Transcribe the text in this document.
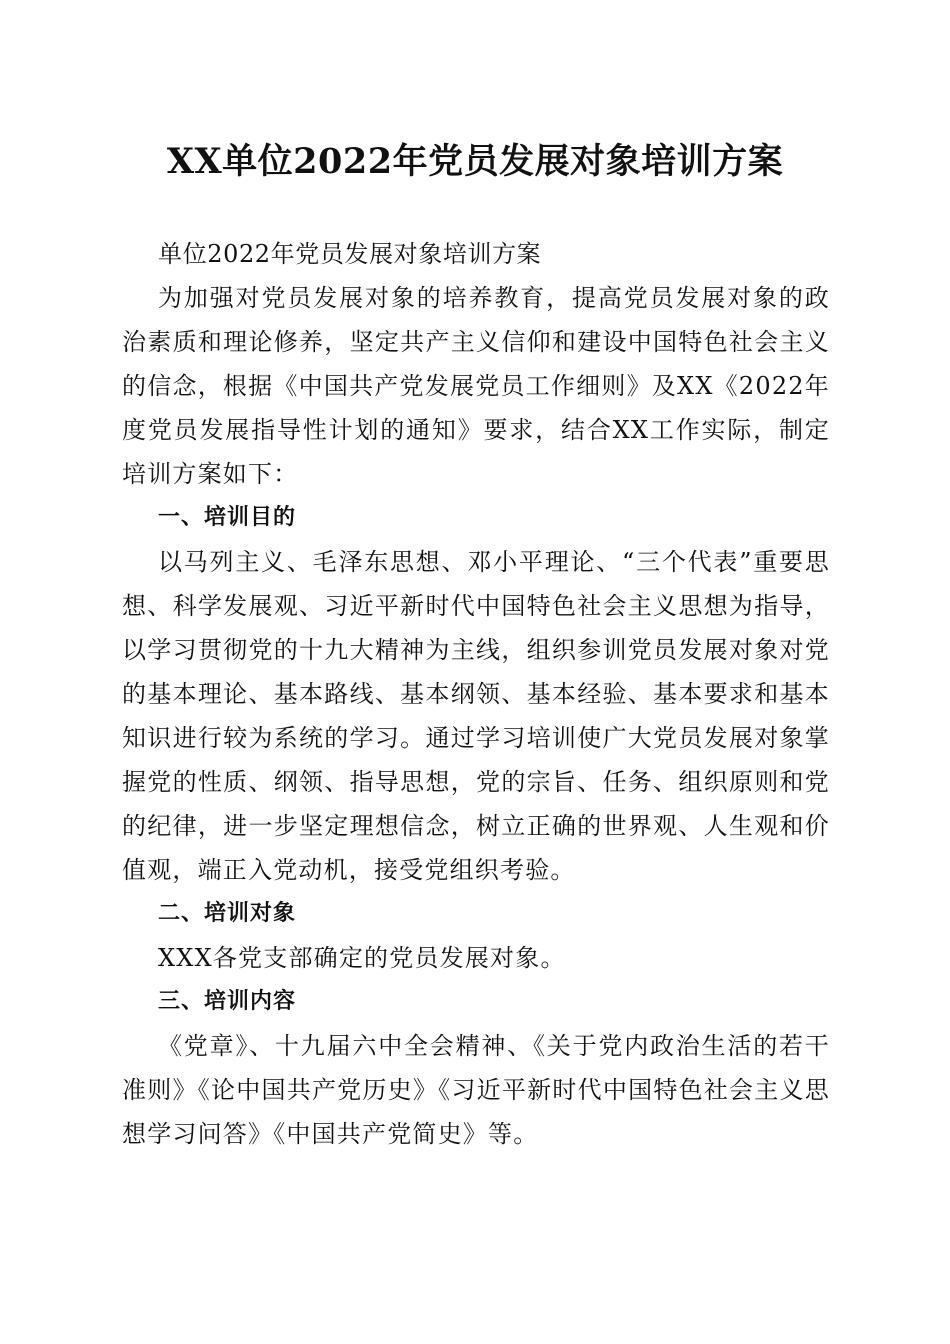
XX单位2022年党员发展对象培训方案

单位2022年党员发展对象培训方案

为加强对党员发展对象的培养教育，提高党员发展对象的政治素质和理论修养，坚定共产主义信仰和建设中国特色社会主义的信念，根据《中国共产党发展党员工作细则》及XX《2022年度党员发展指导性计划的通知》要求，结合XX工作实际，制定培训方案如下：

一、培训目的

以马列主义、毛泽东思想、邓小平理论、“三个代表”重要思想、科学发展观、习近平新时代中国特色社会主义思想为指导，以学习贯彻党的十九大精神为主线，组织参训党员发展对象对党的基本理论、基本路线、基本纲领、基本经验、基本要求和基本知识进行较为系统的学习。通过学习培训使广大党员发展对象掌握党的性质、纲领、指导思想，党的宗旨、任务、组织原则和党的纪律，进一步坚定理想信念，树立正确的世界观、人生观和价值观，端正入党动机，接受党组织考验。

二、培训对象

XXX各党支部确定的党员发展对象。

三、培训内容

《党章》、十九届六中全会精神、《关于党内政治生活的若干准则》《论中国共产党历史》《习近平新时代中国特色社会主义思想学习问答》《中国共产党简史》等。
